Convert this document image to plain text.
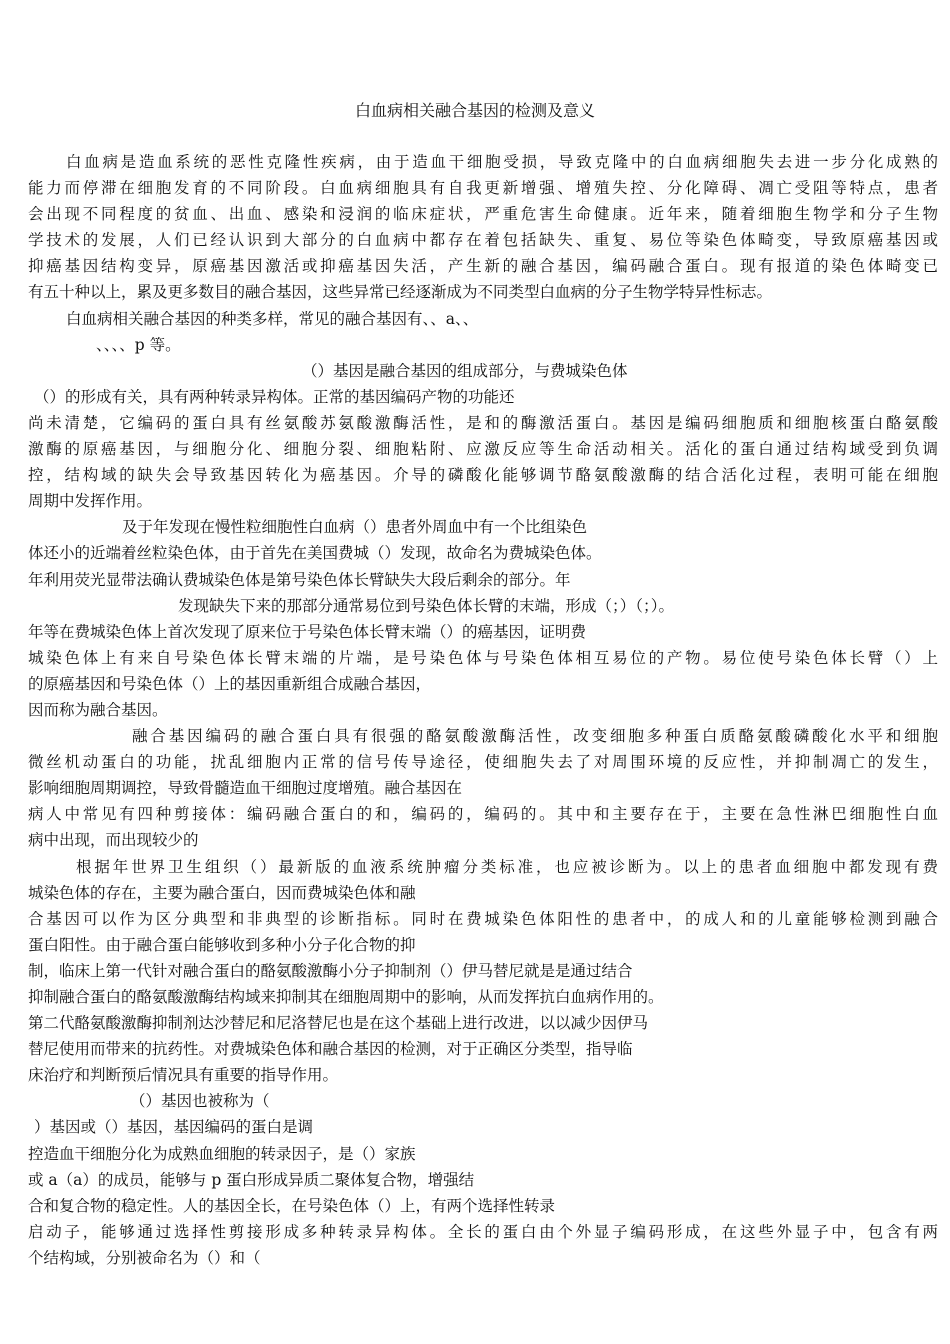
白血病相关融合基因的检测及意义
白血病是造血系统的恶性克隆性疾病，由于造血干细胞受损，导致克隆中的白血病细胞失去进一步分化成熟的
能力而停滞在细胞发育的不同阶段。白血病细胞具有自我更新增强、增殖失控、分化障碍、凋亡受阻等特点，患者
会出现不同程度的贫血、出血、感染和浸润的临床症状，严重危害生命健康。近年来，随着细胞生物学和分子生物
学技术的发展，人们已经认识到大部分的白血病中都存在着包括缺失、重复、易位等染色体畸变，导致原癌基因或
抑癌基因结构变异，原癌基因激活或抑癌基因失活，产生新的融合基因，编码融合蛋白。现有报道的染色体畸变已
有五十种以上，累及更多数目的融合基因，这些异常已经逐渐成为不同类型白血病的分子生物学特异性标志。
白血病相关融合基因的种类多样，常见的融合基因有、、a、、
、、、、p 等。
（）基因是融合基因的组成部分，与费城染色体
（）的形成有关，具有两种转录异构体。正常的基因编码产物的功能还
尚未清楚，它编码的蛋白具有丝氨酸苏氨酸激酶活性，是和的酶激活蛋白。基因是编码细胞质和细胞核蛋白酪氨酸
激酶的原癌基因，与细胞分化、细胞分裂、细胞粘附、应激反应等生命活动相关。活化的蛋白通过结构域受到负调
控，结构域的缺失会导致基因转化为癌基因。介导的磷酸化能够调节酪氨酸激酶的结合活化过程，表明可能在细胞
周期中发挥作用。
及于年发现在慢性粒细胞性白血病（）患者外周血中有一个比组染色
体还小的近端着丝粒染色体，由于首先在美国费城（）发现，故命名为费城染色体。
年利用荧光显带法确认费城染色体是第号染色体长臂缺失大段后剩余的部分。年
发现缺失下来的那部分通常易位到号染色体长臂的末端，形成（；）（；）。
年等在费城染色体上首次发现了原来位于号染色体长臂末端（）的癌基因，证明费
城染色体上有来自号染色体长臂末端的片端，是号染色体与号染色体相互易位的产物。易位使号染色体长臂（）上
的原癌基因和号染色体（）上的基因重新组合成融合基因，
因而称为融合基因。
融合基因编码的融合蛋白具有很强的酪氨酸激酶活性，改变细胞多种蛋白质酪氨酸磷酸化水平和细胞
微丝机动蛋白的功能，扰乱细胞内正常的信号传导途径，使细胞失去了对周围环境的反应性，并抑制凋亡的发生，
影响细胞周期调控，导致骨髓造血干细胞过度增殖。融合基因在
病人中常见有四种剪接体：编码融合蛋白的和，编码的，编码的。其中和主要存在于，主要在急性淋巴细胞性白血
病中出现，而出现较少的
根据年世界卫生组织（）最新版的血液系统肿瘤分类标准，也应被诊断为。以上的患者血细胞中都发现有费
城染色体的存在，主要为融合蛋白，因而费城染色体和融
合基因可以作为区分典型和非典型的诊断指标。同时在费城染色体阳性的患者中，的成人和的儿童能够检测到融合
蛋白阳性。由于融合蛋白能够收到多种小分子化合物的抑
制，临床上第一代针对融合蛋白的酪氨酸激酶小分子抑制剂（）伊马替尼就是是通过结合
抑制融合蛋白的酪氨酸激酶结构域来抑制其在细胞周期中的影响，从而发挥抗白血病作用的。
第二代酪氨酸激酶抑制剂达沙替尼和尼洛替尼也是在这个基础上进行改进，以以减少因伊马
替尼使用而带来的抗药性。对费城染色体和融合基因的检测，对于正确区分类型，指导临
床治疗和判断预后情况具有重要的指导作用。
（）基因也被称为（
）基因或（）基因，基因编码的蛋白是调
控造血干细胞分化为成熟血细胞的转录因子，是（）家族
或 a（a）的成员，能够与 p 蛋白形成异质二聚体复合物，增强结
合和复合物的稳定性。人的基因全长，在号染色体（）上，有两个选择性转录
启动子，能够通过选择性剪接形成多种转录异构体。全长的蛋白由个外显子编码形成，在这些外显子中，包含有两
个结构域，分别被命名为（）和（
